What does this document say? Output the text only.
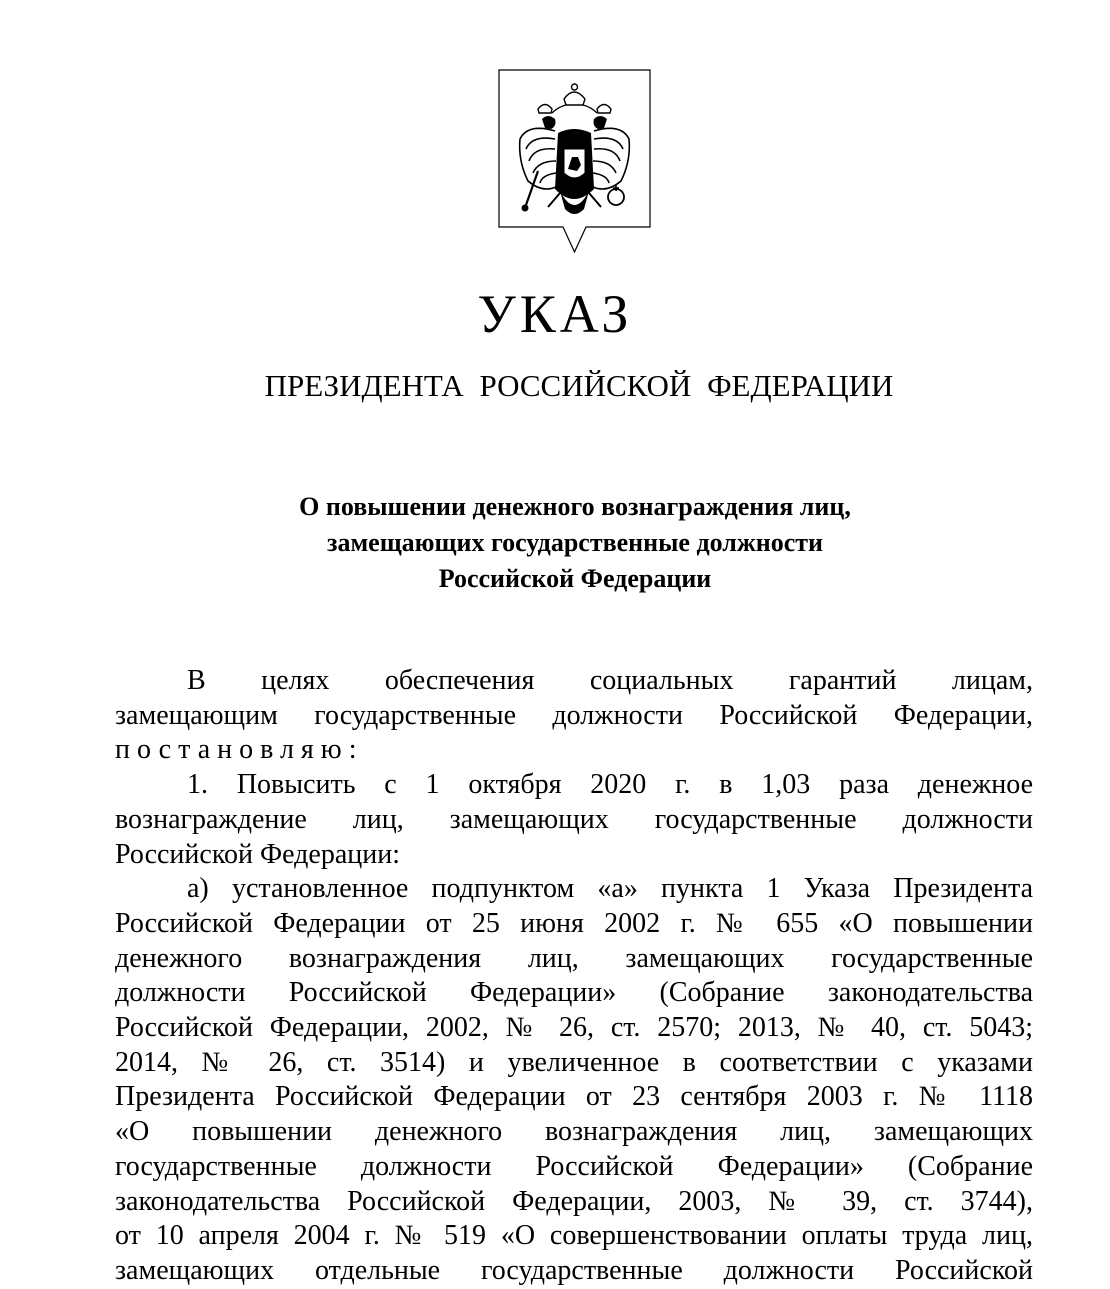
УКАЗ
ПРЕЗИДЕНТА РОССИЙСКОЙ ФЕДЕРАЦИИ
О повышении денежного вознаграждения лиц,
замещающих государственные должности
Российской Федерации

В целях обеспечения социальных гарантий лицам,

замещающим государственные должности Российской Федерации,

постановляю:

1. Повысить с 1 октября 2020 г. в 1,03 раза денежное

вознаграждение лиц, замещающих государственные должности

Российской Федерации:

а) установленное подпунктом «а» пункта 1 Указа Президента

Российской Федерации от 25 июня 2002 г. № 655 «О повышении

денежного вознаграждения лиц, замещающих государственные

должности Российской Федерации» (Собрание законодательства

Российской Федерации, 2002, № 26, ст. 2570; 2013, № 40, ст. 5043;

2014, № 26, ст. 3514) и увеличенное в соответствии с указами

Президента Российской Федерации от 23 сентября 2003 г. № 1118

«О повышении денежного вознаграждения лиц, замещающих

государственные должности Российской Федерации» (Собрание

законодательства Российской Федерации, 2003, № 39, ст. 3744),

от 10 апреля 2004 г. № 519 «О совершенствовании оплаты труда лиц,

замещающих отдельные государственные должности Российской
